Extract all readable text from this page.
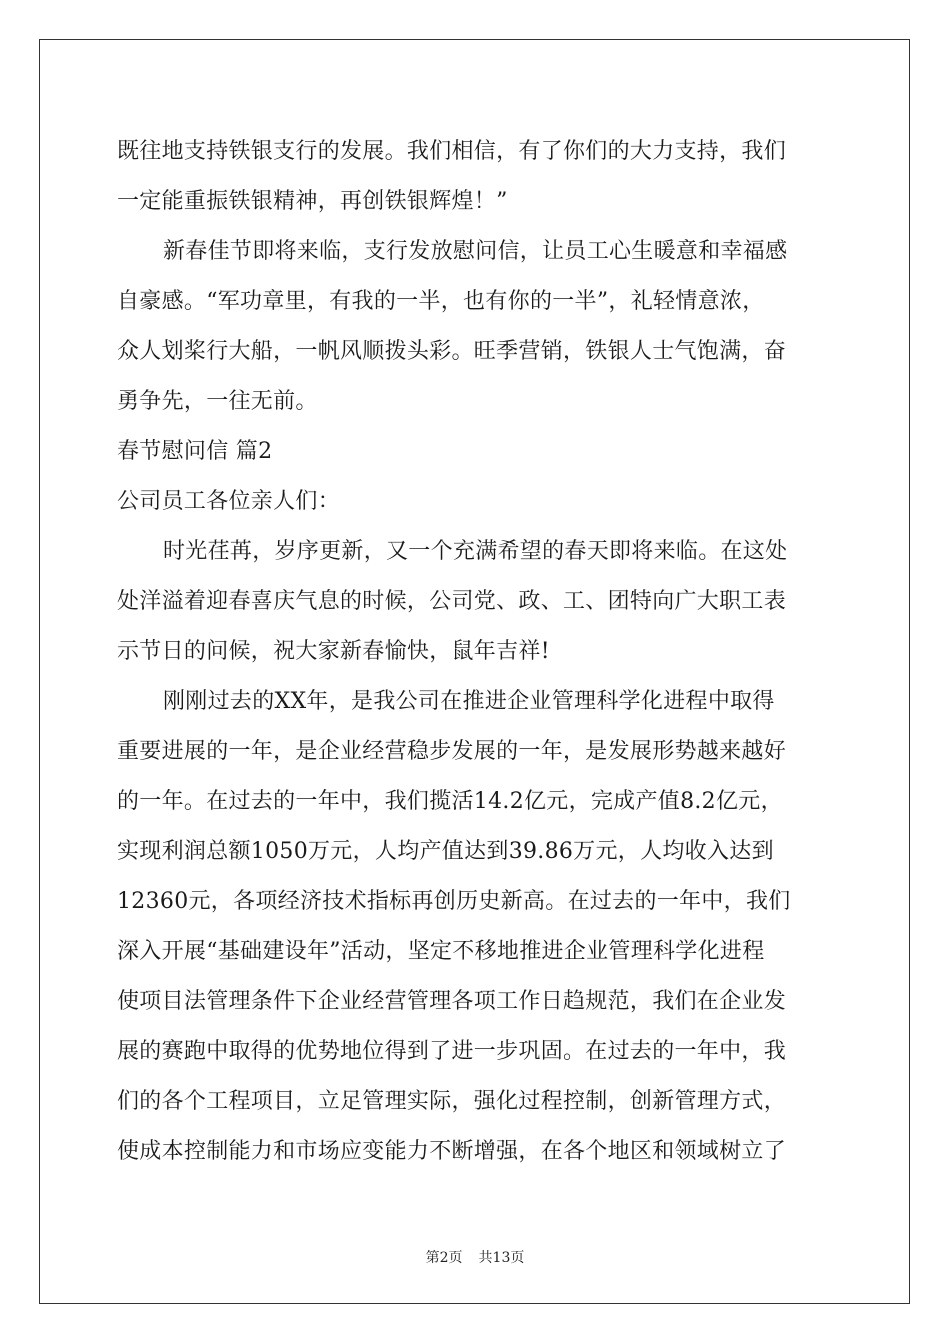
既往地支持铁银支行的发展。我们相信，有了你们的大力支持，我们
一定能重振铁银精神，再创铁银辉煌！”
新春佳节即将来临，支行发放慰问信，让员工心生暖意和幸福感
自豪感。“军功章里，有我的一半，也有你的一半”，礼轻情意浓，
众人划桨行大船，一帆风顺拨头彩。旺季营销，铁银人士气饱满，奋
勇争先，一往无前。
春节慰问信 篇2
公司员工各位亲人们：
时光荏苒，岁序更新，又一个充满希望的春天即将来临。在这处
处洋溢着迎春喜庆气息的时候，公司党、政、工、团特向广大职工表
示节日的问候，祝大家新春愉快，鼠年吉祥!
刚刚过去的XX年，是我公司在推进企业管理科学化进程中取得
重要进展的一年，是企业经营稳步发展的一年，是发展形势越来越好
的一年。在过去的一年中，我们揽活14.2亿元，完成产值8.2亿元，
实现利润总额1050万元，人均产值达到39.86万元，人均收入达到
12360元，各项经济技术指标再创历史新高。在过去的一年中，我们
深入开展“基础建设年”活动，坚定不移地推进企业管理科学化进程
使项目法管理条件下企业经营管理各项工作日趋规范，我们在企业发
展的赛跑中取得的优势地位得到了进一步巩固。在过去的一年中，我
们的各个工程项目，立足管理实际，强化过程控制，创新管理方式，
使成本控制能力和市场应变能力不断增强，在各个地区和领域树立了
第2页 共13页
